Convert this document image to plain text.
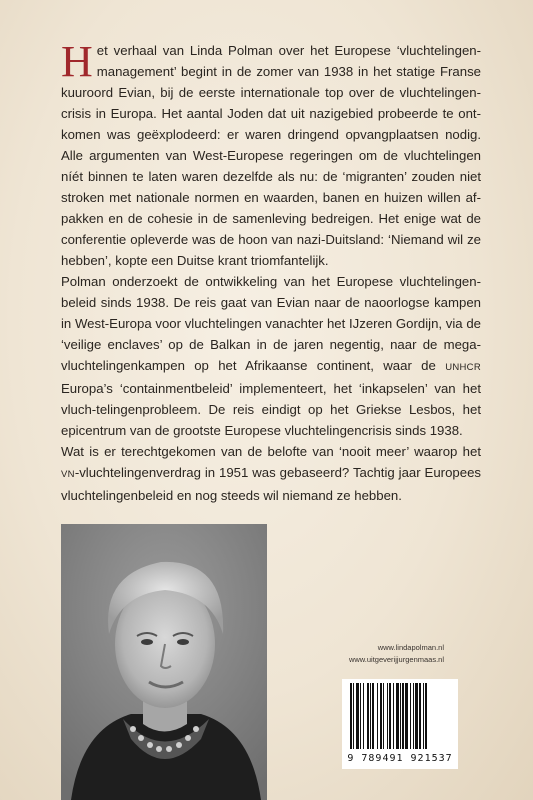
Het verhaal van Linda Polman over het Europese ‘vluchtelingen-management’ begint in de zomer van 1938 in het statige Franse kuuroord Evian, bij de eerste internationale top over de vluchtelingen-crisis in Europa. Het aantal Joden dat uit nazigebied probeerde te ont-komen was geëxplodeerd: er waren dringend opvangplaatsen nodig. Alle argumenten van West-Europese regeringen om de vluchtelingen níét binnen te laten waren dezelfde als nu: de ‘migranten’ zouden niet stroken met nationale normen en waarden, banen en huizen willen af-pakken en de cohesie in de samenleving bedreigen. Het enige wat de conferentie opleverde was de hoon van nazi-Duitsland: ‘Niemand wil ze hebben’, kopte een Duitse krant triomfantelijk.

Polman onderzoekt de ontwikkeling van het Europese vluchtelingen-beleid sinds 1938. De reis gaat van Evian naar de naoorlogse kampen in West-Europa voor vluchtelingen vanachter het IJzeren Gordijn, via de ‘veilige enclaves’ op de Balkan in de jaren negentig, naar de mega-vluchtelingenkampen op het Afrikaanse continent, waar de UNHCR Europa’s ‘containmentbeleid’ implementeert, het ‘inkapselen’ van het vluch-telingenprobleem. De reis eindigt op het Griekse Lesbos, het epicentrum van de grootste Europese vluchtelingencrisis sinds 1938.

Wat is er terechtgekomen van de belofte van ‘nooit meer’ waarop het VN-vluchtelingenverdrag in 1951 was gebaseerd? Tachtig jaar Europees vluchtelingenbeleid en nog steeds wil niemand ze hebben.

www.lindapolman.nl
www.uitgeverijjurgenmaas.nl
9 789491 921537
